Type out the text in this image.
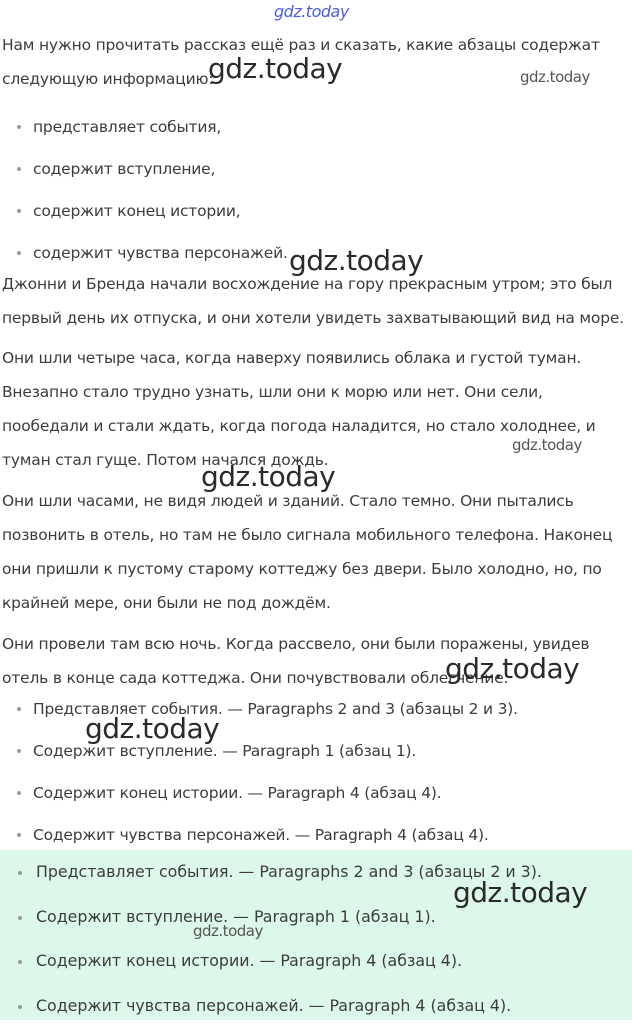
gdz.today

Нам нужно прочитать рассказ ещё раз и сказать, какие абзацы содержат следующую информацию:

представляет события,
содержит вступление,
содержит конец истории,
содержит чувства персонажей.

Джонни и Бренда начали восхождение на гору прекрасным утром; это был первый день их отпуска, и они хотели увидеть захватывающий вид на море.

Они шли четыре часа, когда наверху появились облака и густой туман. Внезапно стало трудно узнать, шли они к морю или нет. Они сели, пообедали и стали ждать, когда погода наладится, но стало холоднее, и туман стал гуще. Потом начался дождь.

Они шли часами, не видя людей и зданий. Стало темно. Они пытались позвонить в отель, но там не было сигнала мобильного телефона. Наконец они пришли к пустому старому коттеджу без двери. Было холодно, но, по крайней мере, они были не под дождём.

Они провели там всю ночь. Когда рассвело, они были поражены, увидев отель в конце сада коттеджа. Они почувствовали облегчение.

Представляет события. — Paragraphs 2 and 3 (абзацы 2 и 3).
Содержит вступление. — Paragraph 1 (абзац 1).
Содержит конец истории. — Paragraph 4 (абзац 4).
Содержит чувства персонажей. — Paragraph 4 (абзац 4).
Представляет события. — Paragraphs 2 and 3 (абзацы 2 и 3).
Содержит вступление. — Paragraph 1 (абзац 1).
Содержит конец истории. — Paragraph 4 (абзац 4).
Содержит чувства персонажей. — Paragraph 4 (абзац 4).
gdz.today	gdz.today
gdz.today
gdz.today
gdz.today
gdz.today
gdz.today
gdz.today
gdz.today
